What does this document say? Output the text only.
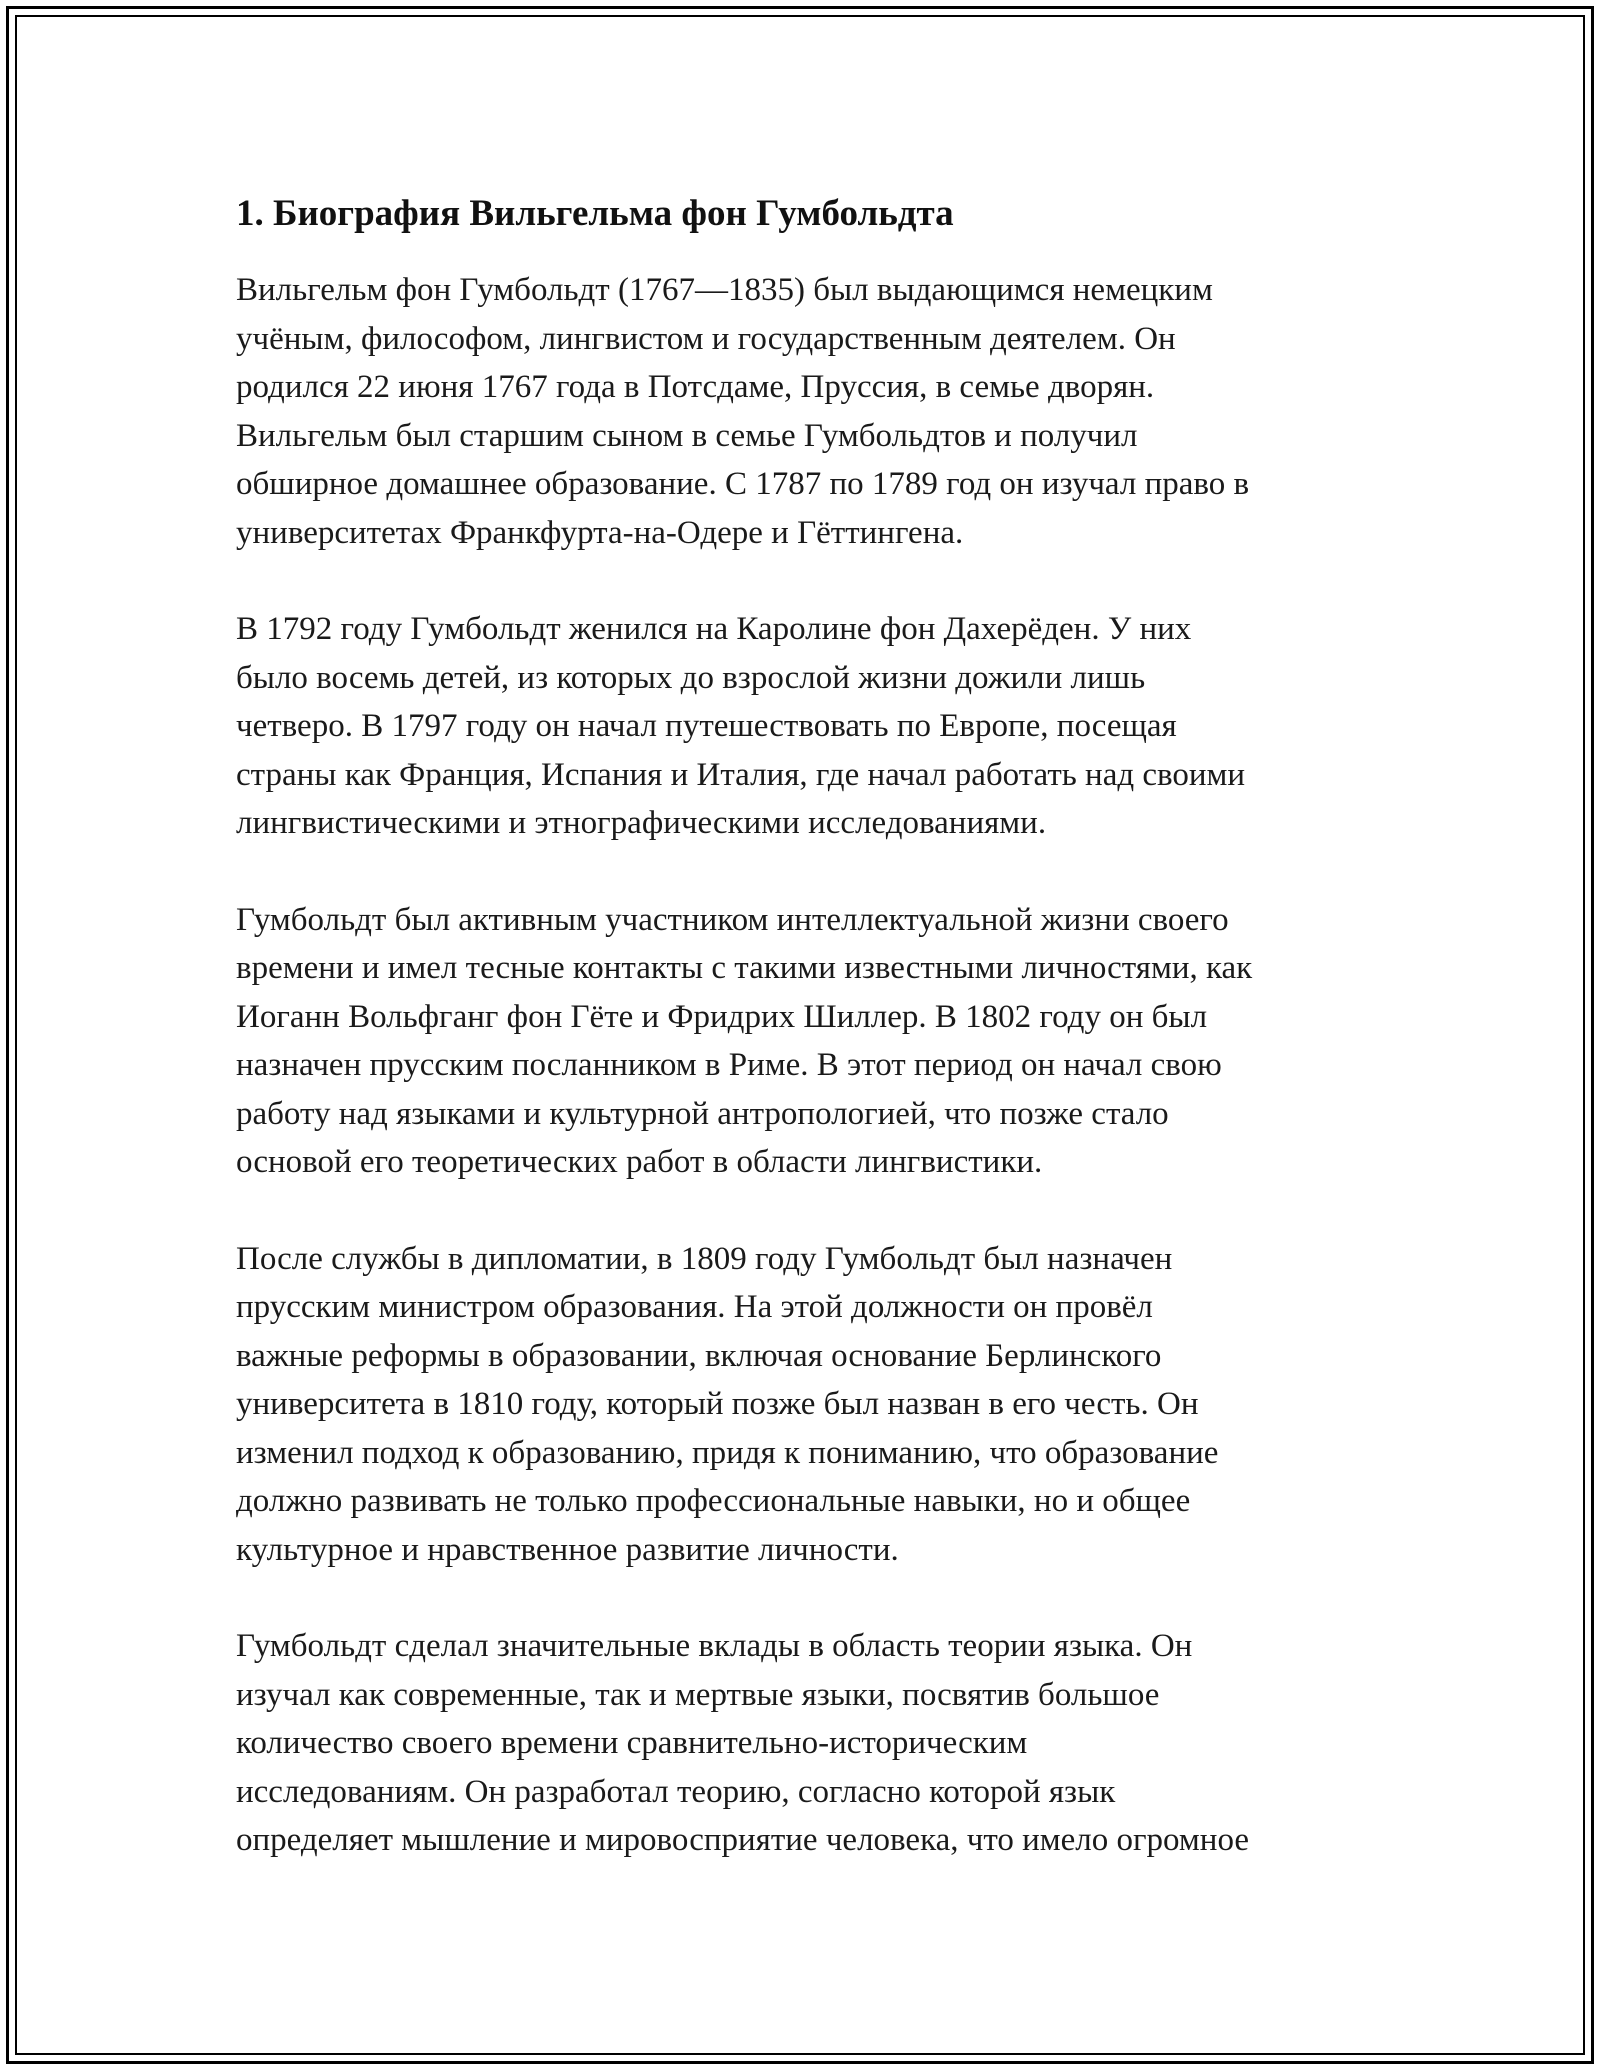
1. Биография Вильгельма фон Гумбольдта
Вильгельм фон Гумбольдт (1767—1835) был выдающимся немецким
учёным, философом, лингвистом и государственным деятелем. Он
родился 22 июня 1767 года в Потсдаме, Пруссия, в семье дворян.
Вильгельм был старшим сыном в семье Гумбольдтов и получил
обширное домашнее образование. С 1787 по 1789 год он изучал право в
университетах Франкфурта-на-Одере и Гёттингена.
В 1792 году Гумбольдт женился на Каролине фон Дахерёден. У них
было восемь детей, из которых до взрослой жизни дожили лишь
четверо. В 1797 году он начал путешествовать по Европе, посещая
страны как Франция, Испания и Италия, где начал работать над своими
лингвистическими и этнографическими исследованиями.
Гумбольдт был активным участником интеллектуальной жизни своего
времени и имел тесные контакты с такими известными личностями, как
Иоганн Вольфганг фон Гёте и Фридрих Шиллер. В 1802 году он был
назначен прусским посланником в Риме. В этот период он начал свою
работу над языками и культурной антропологией, что позже стало
основой его теоретических работ в области лингвистики.
После службы в дипломатии, в 1809 году Гумбольдт был назначен
прусским министром образования. На этой должности он провёл
важные реформы в образовании, включая основание Берлинского
университета в 1810 году, который позже был назван в его честь. Он
изменил подход к образованию, придя к пониманию, что образование
должно развивать не только профессиональные навыки, но и общее
культурное и нравственное развитие личности.
Гумбольдт сделал значительные вклады в область теории языка. Он
изучал как современные, так и мертвые языки, посвятив большое
количество своего времени сравнительно-историческим
исследованиям. Он разработал теорию, согласно которой язык
определяет мышление и мировосприятие человека, что имело огромное
